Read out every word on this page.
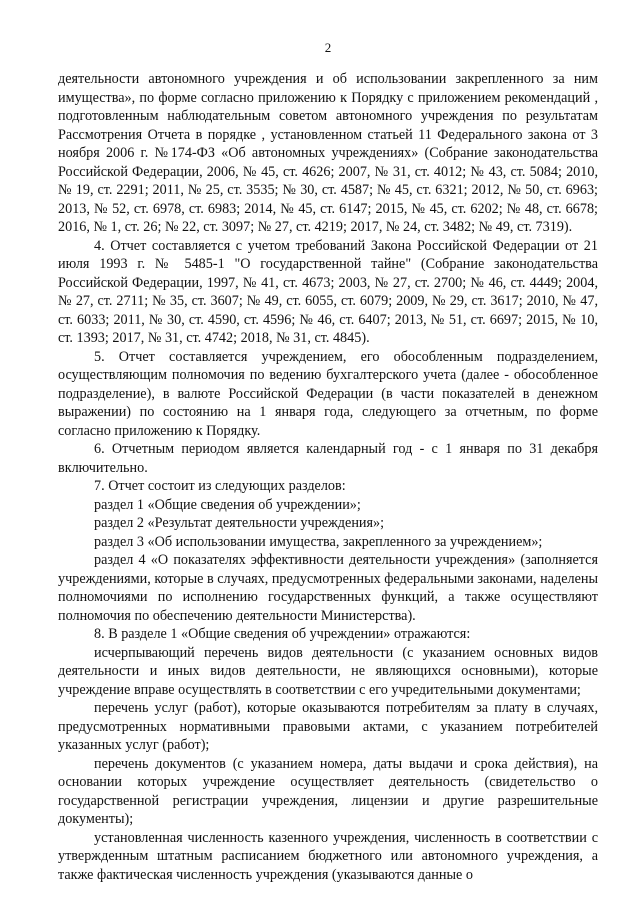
2

деятельности автономного учреждения и об использовании закрепленного за ним имущества», по форме согласно приложению к Порядку с приложением рекомендаций , подготовленным наблюдательным советом автономного учреждения по результатам Рассмотрения Отчета в порядке , установленном статьей 11 Федерального закона от 3 ноября 2006 г. №174-ФЗ «Об автономных учреждениях» (Собрание законодательства Российской Федерации, 2006, № 45, ст. 4626; 2007, № 31, ст. 4012; № 43, ст. 5084; 2010, № 19, ст. 2291; 2011, № 25, ст. 3535; № 30, ст. 4587; № 45, ст. 6321; 2012, № 50, ст. 6963; 2013, № 52, ст. 6978, ст. 6983; 2014, № 45, ст. 6147; 2015, № 45, ст. 6202; № 48, ст. 6678; 2016, № 1, ст. 26; № 22, ст. 3097; № 27, ст. 4219; 2017, № 24, ст. 3482; № 49, ст. 7319).

4. Отчет составляется с учетом требований Закона Российской Федерации от 21 июля 1993 г. № 5485-1 "О государственной тайне" (Собрание законодательства Российской Федерации, 1997, № 41, ст. 4673; 2003, № 27, ст. 2700; № 46, ст. 4449; 2004, № 27, ст. 2711; № 35, ст. 3607; № 49, ст. 6055, ст. 6079; 2009, № 29, ст. 3617; 2010, № 47, ст. 6033; 2011, № 30, ст. 4590, ст. 4596; № 46, ст. 6407; 2013, № 51, ст. 6697; 2015, № 10, ст. 1393; 2017, № 31, ст. 4742; 2018, № 31, ст. 4845).

5. Отчет составляется учреждением, его обособленным подразделением, осуществляющим полномочия по ведению бухгалтерского учета (далее - обособленное подразделение), в валюте Российской Федерации (в части показателей в денежном выражении) по состоянию на 1 января года, следующего за отчетным, по форме согласно приложению к Порядку.

6. Отчетным периодом является календарный год - с 1 января по 31 декабря включительно.

7. Отчет состоит из следующих разделов:

раздел 1 «Общие сведения об учреждении»;

раздел 2 «Результат деятельности учреждения»;

раздел 3 «Об использовании имущества, закрепленного за учреждением»;

раздел 4 «О показателях эффективности деятельности учреждения» (заполняется учреждениями, которые в случаях, предусмотренных федеральными законами, наделены полномочиями по исполнению государственных функций, а также осуществляют полномочия по обеспечению деятельности Министерства).

8. В разделе 1 «Общие сведения об учреждении» отражаются:

исчерпывающий перечень видов деятельности (с указанием основных видов деятельности и иных видов деятельности, не являющихся основными), которые учреждение вправе осуществлять в соответствии с его учредительными документами;

перечень услуг (работ), которые оказываются потребителям за плату в случаях, предусмотренных нормативными правовыми актами, с указанием потребителей указанных услуг (работ);

перечень документов (с указанием номера, даты выдачи и срока действия), на основании которых учреждение осуществляет деятельность (свидетельство о государственной регистрации учреждения, лицензии и другие разрешительные документы);

установленная численность казенного учреждения, численность в соответствии с утвержденным штатным расписанием бюджетного или автономного учреждения, а также фактическая численность учреждения (указываются данные о
